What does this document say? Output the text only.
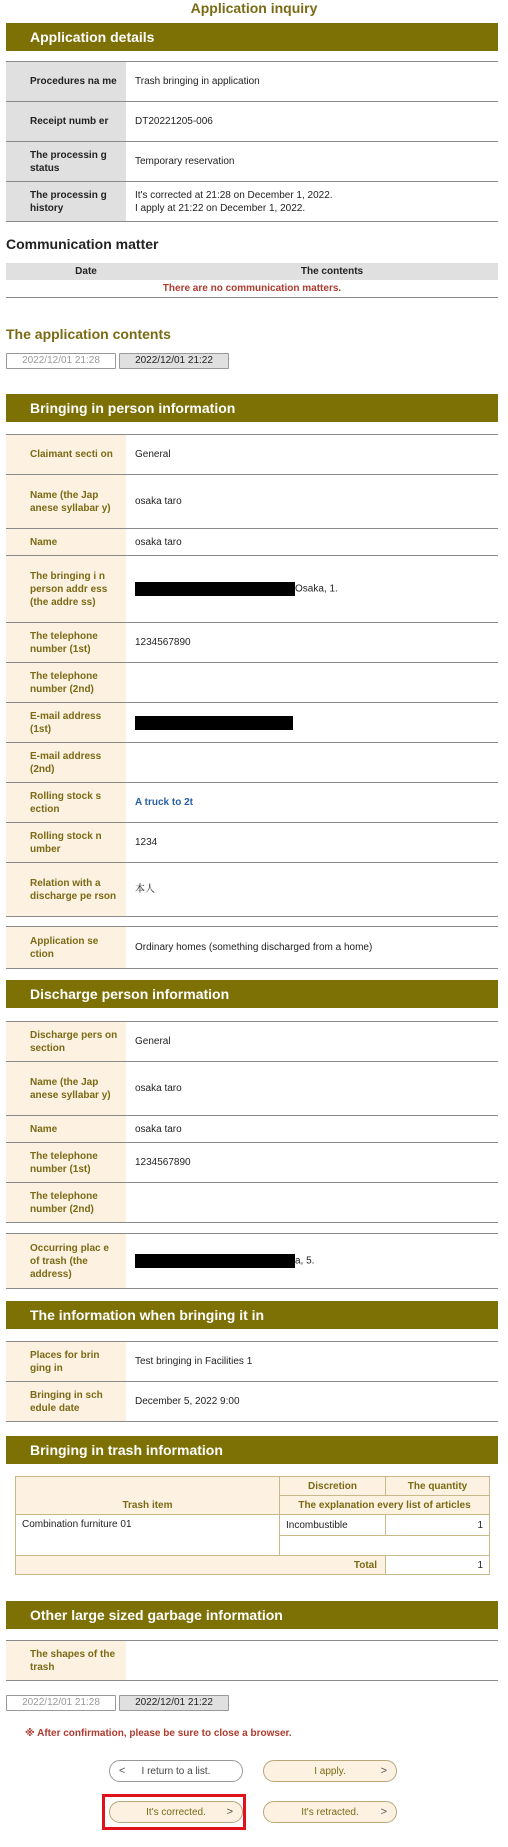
Application inquiry
Application details
Procedures na me	Trash bringing in application
Receipt numb er	DT20221205-006
The processin g status	Temporary reservation
The processin g history	It's corrected at 21:28 on December 1, 2022.
I apply at 21:22 on December 1, 2022.
Communication matter
Date	The contents
There are no communication matters.
The application contents
2022/12/01 21:28	2022/12/01 21:22
Bringing in person information
Claimant secti on	General
Name (the Jap anese syllabar y)	osaka taro
Name	osaka taro
The bringing i n person addr ess (the addre ss)	Osaka, 1.
The telephone number (1st)	1234567890
The telephone number (2nd)	
E-mail address (1st)	
E-mail address (2nd)	
Rolling stock s ection	A truck to 2t
Rolling stock n umber	1234
Relation with a discharge pe rson	本人
Application se ction	Ordinary homes (something discharged from a home)
Discharge person information
Discharge pers on section	General
Name (the Jap anese syllabar y)	osaka taro
Name	osaka taro
The telephone number (1st)	1234567890
The telephone number (2nd)	
Occurring plac e of trash (the address)	a, 5.
The information when bringing it in
Places for brin ging in	Test bringing in Facilities 1
Bringing in sch edule date	December 5, 2022 9:00
Bringing in trash information
Trash item	Discretion	The quantity
	The explanation every list of articles	
Combination furniture 01	Incombustible	1

Total		1
Other large sized garbage information
The shapes of the trash	
2022/12/01 21:28	2022/12/01 21:22
※ After confirmation, please be sure to close a browser.
< I return to a list.	I apply.	>
It's corrected. >	It's retracted. >
